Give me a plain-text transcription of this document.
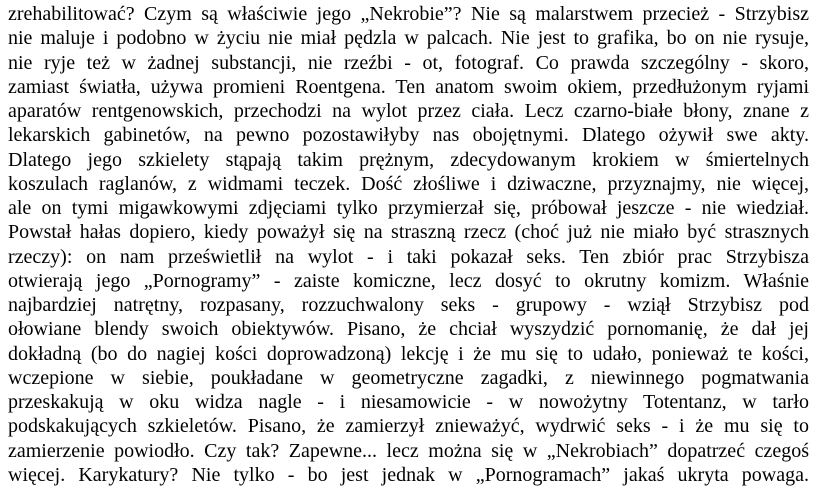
zrehabilitować? Czym są właściwie jego „Nekrobie”? Nie są malarstwem przecież - Strzybisz
nie maluje i podobno w życiu nie miał pędzla w palcach. Nie jest to grafika, bo on nie rysuje,
nie ryje też w żadnej substancji, nie rzeźbi - ot, fotograf. Co prawda szczególny - skoro,
zamiast światła, używa promieni Roentgena. Ten anatom swoim okiem, przedłużonym ryjami
aparatów rentgenowskich, przechodzi na wylot przez ciała. Lecz czarno-białe błony, znane z
lekarskich gabinetów, na pewno pozostawiłyby nas obojętnymi. Dlatego ożywił swe akty.
Dlatego jego szkielety stąpają takim prężnym, zdecydowanym krokiem w śmiertelnych
koszulach raglanów, z widmami teczek. Dość złośliwe i dziwaczne, przyznajmy, nie więcej,
ale on tymi migawkowymi zdjęciami tylko przymierzał się, próbował jeszcze - nie wiedział.
Powstał hałas dopiero, kiedy poważył się na straszną rzecz (choć już nie miało być strasznych
rzeczy): on nam prześwietlił na wylot - i taki pokazał seks. Ten zbiór prac Strzybisza
otwierają jego „Pornogramy” - zaiste komiczne, lecz dosyć to okrutny komizm. Właśnie
najbardziej natrętny, rozpasany, rozzuchwalony seks - grupowy - wziął Strzybisz pod
ołowiane blendy swoich obiektywów. Pisano, że chciał wyszydzić pornomanię, że dał jej
dokładną (bo do nagiej kości doprowadzoną) lekcję i że mu się to udało, ponieważ te kości,
wczepione w siebie, poukładane w geometryczne zagadki, z niewinnego pogmatwania
przeskakują w oku widza nagle - i niesamowicie - w nowożytny Totentanz, w tarło
podskakujących szkieletów. Pisano, że zamierzył znieważyć, wydrwić seks - i że mu się to
zamierzenie powiodło. Czy tak? Zapewne... lecz można się w „Nekrobiach” dopatrzeć czegoś
więcej. Karykatury? Nie tylko - bo jest jednak w „Pornogramach” jakaś ukryta powaga.
